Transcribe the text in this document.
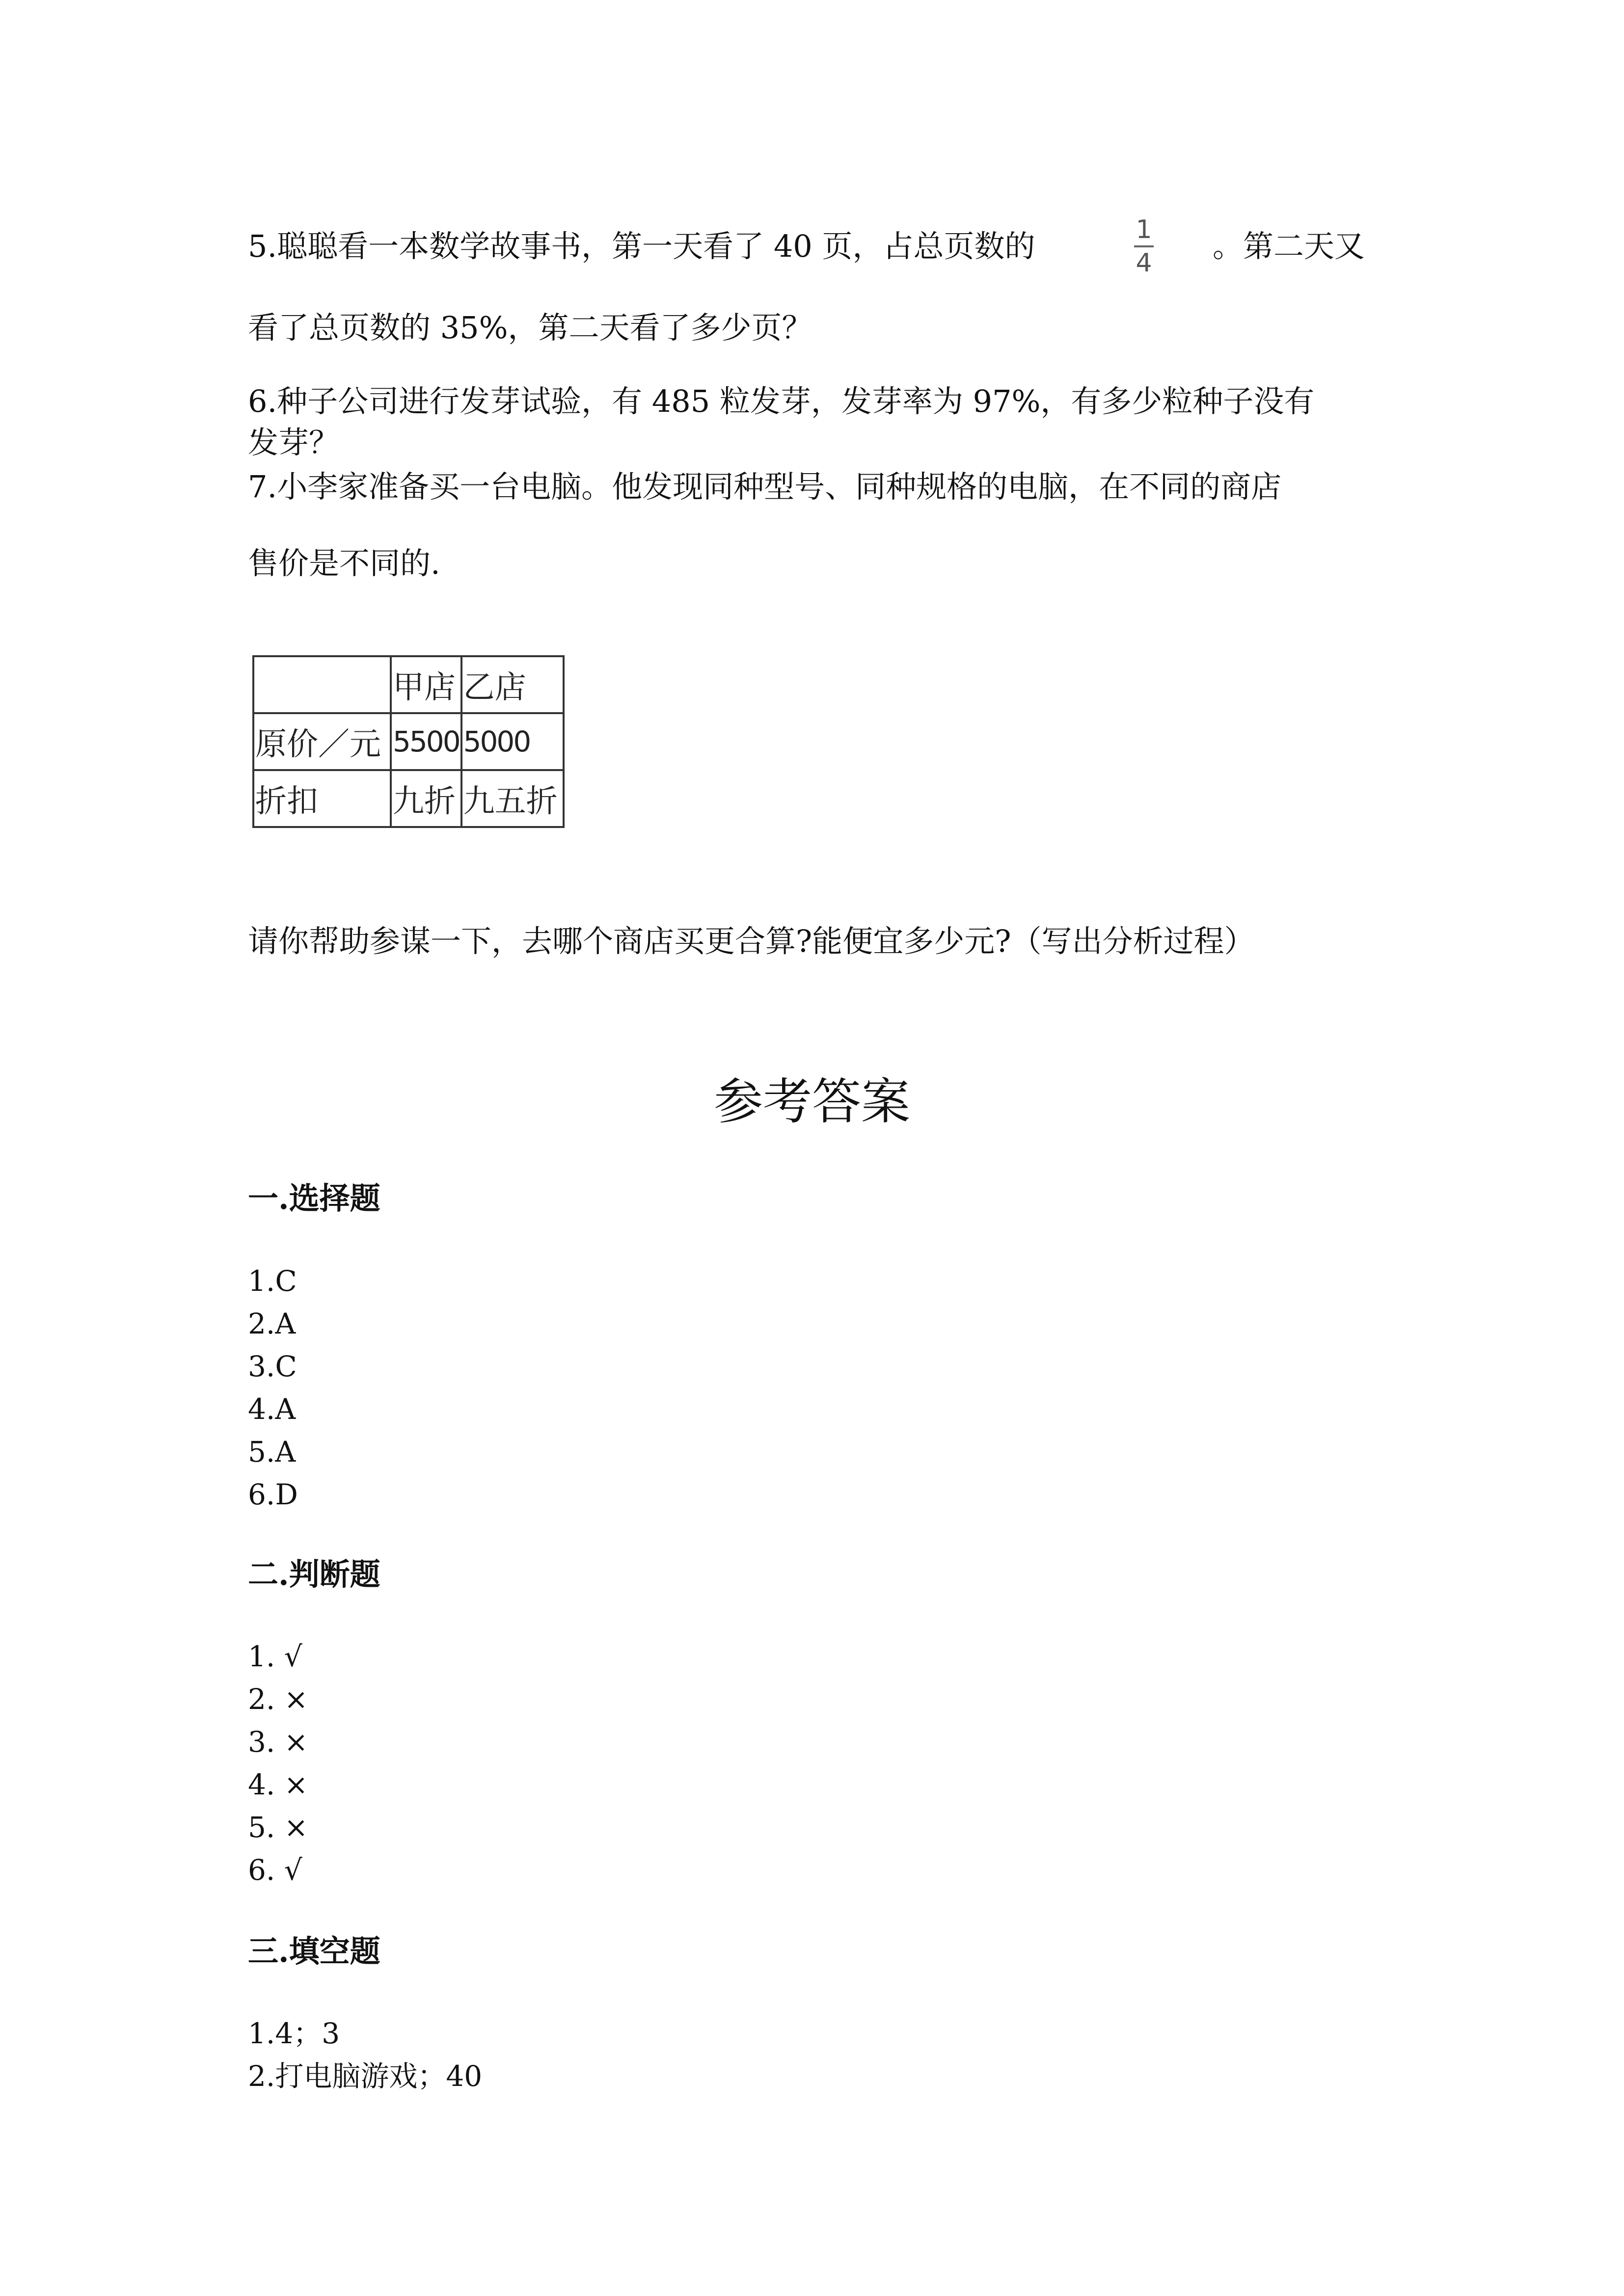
5.聪聪看一本数学故事书，第一天看了 40 页，占总页数的	1
4 。第二天又
看了总页数的 35%，第二天看了多少页？
6.种子公司进行发芽试验，有 485 粒发芽，发芽率为 97%，有多少粒种子没有
发芽？
7.小李家准备买一台电脑。他发现同种型号、同种规格的电脑，在不同的商店
售价是不同的.
	甲店	乙店
原价／元	5500	5000
折扣	九折	九五折
请你帮助参谋一下，去哪个商店买更合算?能便宜多少元?（写出分析过程）
参考答案
一.选择题
1.C
2.A
3.C
4.A
5.A
6.D
二.判断题
1. √
2. ×
3. ×
4. ×
5. ×
6. √
三.填空题
1.4；3
2.打电脑游戏；40
